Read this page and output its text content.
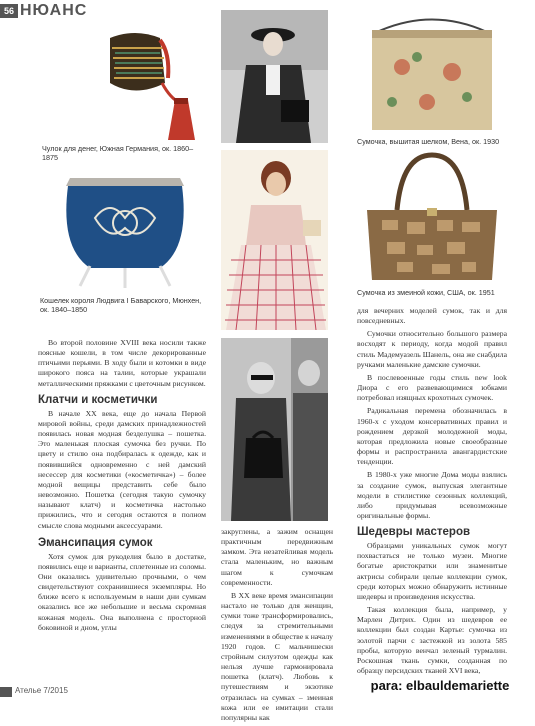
56 НЮАНС
Чулок для денег, Южная Германия, ок. 1860–1875
Кошелек короля Людвига I Баварского, Мюнхен, ок. 1840–1850
Сумочка, вышитая шелком, Вена, ок. 1930
Сумочка из змеиной кожи, США, ок. 1951

Во второй половине XVIII века носили также поясные кошели, в том числе декорированные птичьими перьями. В ходу были и котомки в виде широкого пояса на талии, которые украшали металлическими пряжками с цветочным рисунком.

Клатчи и косметички

В начале XX века, еще до начала Первой мировой войны, среди дамских принадлежностей появилась новая модная безделушка – пошетка. Это маленькая плоская сумочка без ручки. По цвету и стилю она подбиралась к одежде, как и появившийся одновременно с ней дамский несессер для косметики («косметичка») – более модной вещицы представить себе было невозможно. Пошетка (сегодня такую сумочку называют клатч) и косметичка настолько прижились, что и сегодня остаются в полном смысле слова модными аксессуарами.

Эмансипация сумок

Хотя сумок для рукоделия было в достатке, появились еще и варианты, сплетенные из соломы. Они оказались удивительно прочными, о чем свидетельствуют сохранившиеся экземпляры. Но ближе всего к используемым в наши дни сумкам оказались все же небольшие и весьма скромная кожаная модель. Она выполнена с просторной боковиной и дном, углы

закруглены, а зажим оснащен практичным передвижным замком. Эта незатейливая модель стала маленьким, но важным шагом к сумочкам современности.

В XX веке время эмансипации настало не только для женщин, сумки тоже трансформировались, следуя за стремительными изменениями в обществе к началу 1920 годов. С мальчишески стройным силуэтом одежды как нельзя лучше гармонировала пошетка (клатч). Любовь к путешествиям и экзотике отразилась на сумках – змеиная кожа или ее имитации стали популярны как

для вечерних моделей сумок, так и для повседневных.

Сумочки относительно большого размера восходят к периоду, когда модой правил стиль Мадемуазель Шанель, она же снабдила ручками маленькие дамские сумочки.

В послевоенные годы стиль new look Диора с его развевающимися юбками потребовал изящных крохотных сумочек.

Радикальная перемена обозначилась в 1960-х с уходом консервативных правил и рождением дерзкой молодежной моды, которая предложила новые своеобразные формы и распространила авангардистские тенденции.

В 1980-х уже многие Дома моды взялись за создание сумок, выпуская элегантные модели в стилистике сезонных коллекций, либо придумывая всевозможные оригинальные формы.

Шедевры мастеров

Образцами уникальных сумок могут похвастаться не только музеи. Многие богатые аристократки или знаменитые актрисы собирали целые коллекции сумок, среди которых можно обнаружить истинные шедевры и произведения искусства.

Такая коллекция была, например, у Марлен Дитрих. Один из шедевров ее коллекции был создан Картье: сумочка из золотой парчи с застежкой из золота 585 пробы, которую венчал зеленый турмалин. Роскошная ткань сумки, созданная по образцу персидских тканей XVI века,

Ателье 7/2015	para: elbauldemariette
